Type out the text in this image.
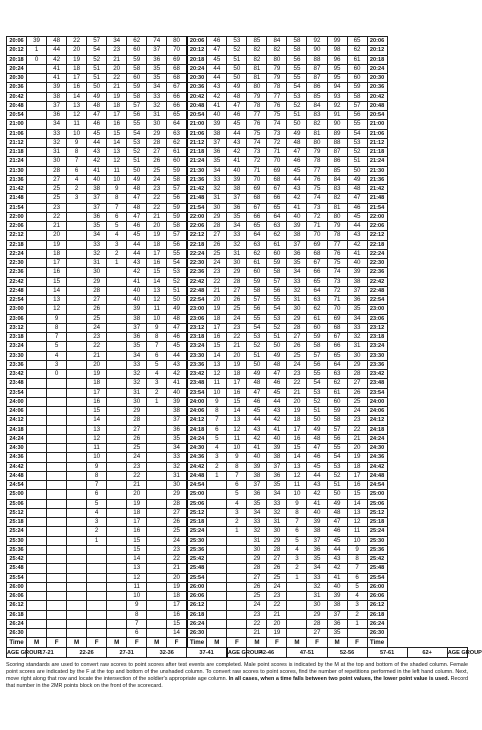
20:06	39	48	22	57	34	62	74	80	20:06	46	53	85	84	58	92	99	65	20:06		
20:12	1	44	20	54	23	60	37	70	20:12	47	52	82	82	58	90	98	62	20:12		
20:18	0	42	19	52	21	59	36	69	20:18	45	51	82	80	56	88	96	61	20:18		
20:24		41	18	51	20	58	35	68	20:24	44	50	81	79	55	87	95	60	20:24		
20:30		41	17	51	22	60	35	68	20:30	44	50	81	79	55	87	95	60	20:30		
20:36		39	16	50	21	59	34	67	20:36	43	49	80	78	54	86	94	59	20:36		
20:42		38	14	49	19	58	33	66	20:42	42	48	79	77	53	85	93	58	20:42		
20:48		37	13	48	18	57	32	66	20:48	41	47	78	76	52	84	92	57	20:48		
20:54		36	12	47	17	56	31	65	20:54	40	46	77	75	51	83	91	56	20:54		
21:00		34	11	46	16	55	30	64	21:00	39	45	76	74	50	82	90	55	21:00		
21:06		33	10	45	15	54	29	63	21:06	38	44	75	73	49	81	89	54	21:06		
21:12		32	9	44	14	53	28	62	21:12	37	43	74	72	48	80	88	53	21:12		
21:18		31	8	43	13	52	27	61	21:18	36	42	73	71	47	79	87	52	21:18		
21:24		30	7	42	12	51	26	60	21:24	35	41	72	70	46	78	86	51	21:24		
21:30		28	6	41	11	50	25	59	21:30	34	40	71	69	45	77	85	50	21:30		
21:36		27	4	40	10	49	24	58	21:36	33	39	70	68	44	76	84	49	21:36		
21:42		25	2	38	9	48	23	57	21:42	32	38	69	67	43	75	83	48	21:42		
21:48		25	3	37	8	47	22	56	21:48	31	37	68	66	42	74	82	47	21:48		
21:54		23		37	7	48	22	59	21:54	30	36	67	65	41	73	81	46	21:54		
22:00		22		36	6	47	21	59	22:00	29	35	66	64	40	72	80	45	22:00		
22:06		21		35	5	46	20	58	22:06	28	34	65	63	39	71	79	44	22:06		
22:12		20		34	4	45	19	57	22:12	27	33	64	62	38	70	78	43	22:12		
22:18		19		33	3	44	18	56	22:18	26	32	63	61	37	69	77	42	22:18		
22:24		18		32	2	44	17	55	22:24	25	31	62	60	36	68	76	41	22:24		
22:30		17		31	1	43	16	54	22:30	24	30	61	59	35	67	75	40	22:30		
22:36		16		30		42	15	53	22:36	23	29	60	58	34	66	74	39	22:36		
22:42		15		29		41	14	52	22:42	22	28	59	57	33	65	73	38	22:42		
22:48		14		28		40	13	51	22:48	21	27	58	56	32	64	72	37	22:48		
22:54		13		27		40	12	50	22:54	20	26	57	55	31	63	71	36	22:54		
23:00		12		26		39	11	49	23:00	19	25	56	54	30	62	70	35	23:00		
23:06		9		25		38	10	48	23:06	18	24	55	53	29	61	69	34	23:06		
23:12		8		24		37	9	47	23:12	17	23	54	52	28	60	68	33	23:12		
23:18		7		23		36	8	46	23:18	16	22	53	51	27	59	67	32	23:18		
23:24		5		22		35	7	45	23:24	15	21	52	50	26	58	66	31	23:24		
23:30		4		21		34	6	44	23:30	14	20	51	49	25	57	65	30	23:30		
23:36		3		20		33	5	43	23:36	13	19	50	48	24	56	64	29	23:36		
23:42		0		19		32	4	42	23:42	12	18	49	47	23	55	63	28	23:42		
23:48				18		32	3	41	23:48	11	17	48	46	22	54	62	27	23:48		
23:54				17		31	2	40	23:54	10	16	47	45	21	53	61	26	23:54		
24:00				16		30	1	39	24:00	9	15	46	44	20	52	60	25	24:00		
24:06				15		29		38	24:06	8	14	45	43	19	51	59	24	24:06		
24:12				14		28		37	24:12	7	13	44	42	18	50	58	23	24:12		
24:18				13		27		36	24:18	6	12	43	41	17	49	57	22	24:18		
24:24				12		26		35	24:24	5	11	42	40	16	48	56	21	24:24		
24:30				11		25		34	24:30	4	10	41	39	15	47	55	20	24:30		
24:36				10		24		33	24:36	3	9	40	38	14	46	54	19	24:36		
24:42				9		23		32	24:42	2	8	39	37	13	45	53	18	24:42		
24:48				8		22		31	24:48	1	7	38	36	12	44	52	17	24:48		
24:54				7		21		30	24:54		6	37	35	11	43	51	16	24:54		
25:00				6		20		29	25:00		5	36	34	10	42	50	15	25:00		
25:06				5		19		28	25:06		4	35	33	9	41	49	14	25:06		
25:12				4		18		27	25:12		3	34	32	8	40	48	13	25:12		
25:18				3		17		26	25:18		2	33	31	7	39	47	12	25:18		
25:24				2		16		25	25:24		1	32	30	6	38	46	11	25:24		
25:30				1		15		24	25:30			31	29	5	37	45	10	25:30		
25:36						15		23	25:36			30	28	4	36	44	9	25:36		
25:42						14		22	25:42			29	27	3	35	43	8	25:42		
25:48						13		21	25:48			28	26	2	34	42	7	25:48		
25:54						12		20	25:54			27	25	1	33	41	6	25:54		
26:00						11		19	26:00			26	24		32	40	5	26:00		
26:06						10		18	26:06			25	23		31	39	4	26:06		
26:12						9		17	26:12			24	22		30	38	3	26:12		
26:18						8		16	26:18			23	21		29	37	2	26:18		
26:24						7		15	26:24			22	20		28	36	1	26:24		
26:30						6		14	26:30			21	19		27	35		26:30		
Time	M	F	M	F	M	F	M	F	Time	M	F	M	F	M	F	M	F	Time		
AGE GROUP	17-21		22-26		27-31		32-36		37-41		AGE GROUP	42-46		47-51		52-56		57-61	62+	AGE GROUP
Scoring standards are used to convert raw scores to point scores after test events are completed. Male point scores is indicated by the M at the top and bottom of the shaded column. Female point scores are indicated by the F at the top and bottom of the unshaded column. To convert raw scores to point scores, find the number of repetitions performed in the left hand column. Next, move right along that row and locate the intersection of the soldier's appropriate age column. In all cases, when a time falls between two point values, the lower point value is used. Record that number in the 2MR points block on the front of the scorecard.
